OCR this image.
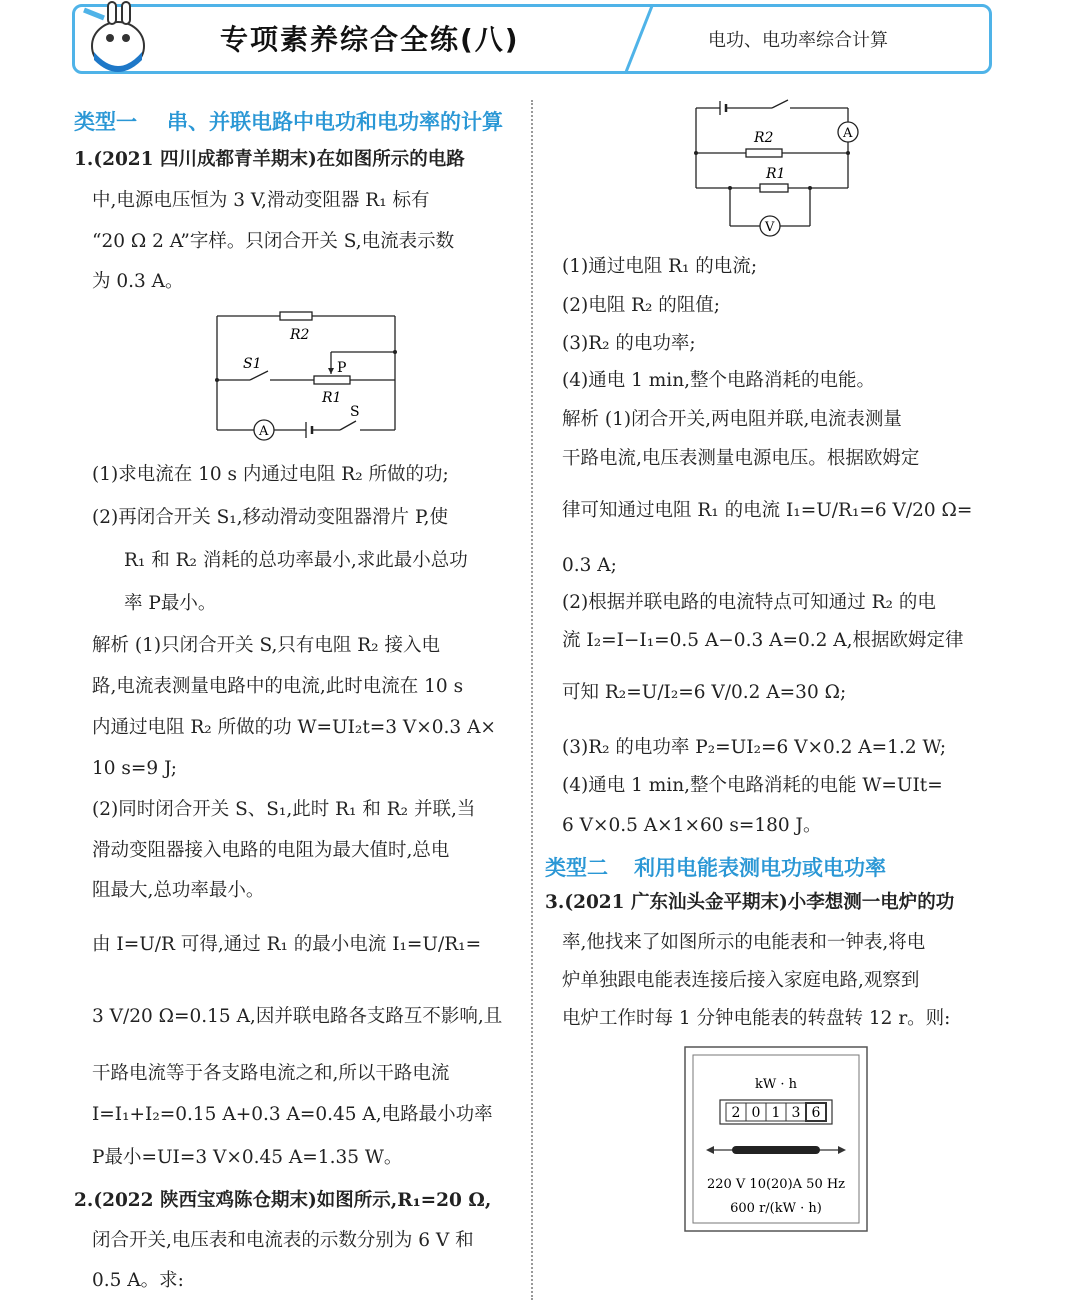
专项素养综合全练(八)	电功、电功率综合计算
类型一 串、并联电路中电功和电功率的计算
1.(2021 四川成都青羊期末)在如图所示的电路
中,电源电压恒为 3 V,滑动变阻器 R₁ 标有
“20 Ω 2 A”字样。只闭合开关 S,电流表示数
为 0.3 A。
R2
S1	P
R1
S
A
(1)求电流在 10 s 内通过电阻 R₂ 所做的功;
(2)再闭合开关 S₁,移动滑动变阻器滑片 P,使
R₁ 和 R₂ 消耗的总功率最小,求此最小总功
率 P最小。
解析 (1)只闭合开关 S,只有电阻 R₂ 接入电
路,电流表测量电路中的电流,此时电流在 10 s
内通过电阻 R₂ 所做的功 W=UI₂t=3 V×0.3 A×
10 s=9 J;
(2)同时闭合开关 S、S₁,此时 R₁ 和 R₂ 并联,当
滑动变阻器接入电路的电阻为最大值时,总电
阻最大,总功率最小。
由 I=U/R 可得,通过 R₁ 的最小电流 I₁=U/R₁=
3 V/20 Ω=0.15 A,因并联电路各支路互不影响,且
干路电流等于各支路电流之和,所以干路电流
I=I₁+I₂=0.15 A+0.3 A=0.45 A,电路最小功率
P最小=UI=3 V×0.45 A=1.35 W。
2.(2022 陕西宝鸡陈仓期末)如图所示,R₁=20 Ω,
闭合开关,电压表和电流表的示数分别为 6 V 和
0.5 A。求:
R2
R1
A
V
(1)通过电阻 R₁ 的电流;
(2)电阻 R₂ 的阻值;
(3)R₂ 的电功率;
(4)通电 1 min,整个电路消耗的电能。
解析 (1)闭合开关,两电阻并联,电流表测量
干路电流,电压表测量电源电压。根据欧姆定
律可知通过电阻 R₁ 的电流 I₁=U/R₁=6 V/20 Ω=
0.3 A;
(2)根据并联电路的电流特点可知通过 R₂ 的电
流 I₂=I−I₁=0.5 A−0.3 A=0.2 A,根据欧姆定律
可知 R₂=U/I₂=6 V/0.2 A=30 Ω;
(3)R₂ 的电功率 P₂=UI₂=6 V×0.2 A=1.2 W;
(4)通电 1 min,整个电路消耗的电能 W=UIt=
6 V×0.5 A×1×60 s=180 J。
类型二 利用电能表测电功或电功率
3.(2021 广东汕头金平期末)小李想测一电炉的功
率,他找来了如图所示的电能表和一钟表,将电
炉单独跟电能表连接后接入家庭电路,观察到
电炉工作时每 1 分钟电能表的转盘转 12 r。则:
kW · h
2 0 1 3 6
220 V 10(20)A 50 Hz
600 r/(kW · h)
